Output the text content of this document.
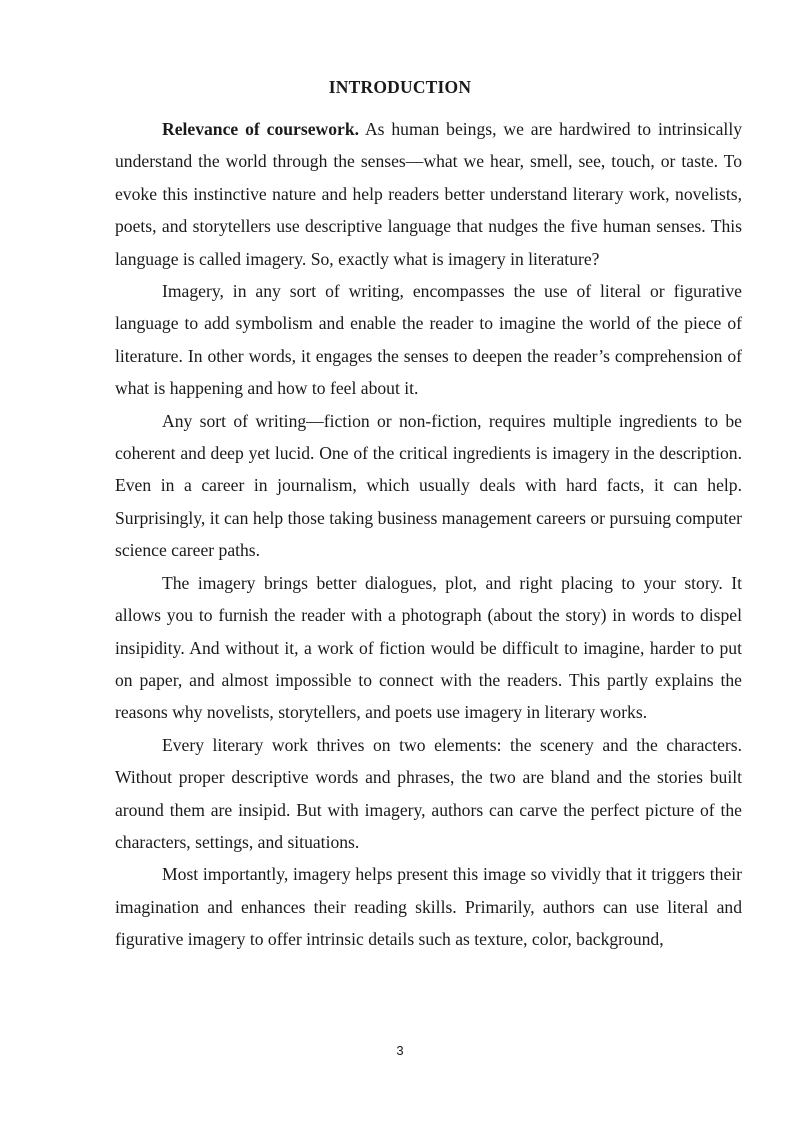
INTRODUCTION

Relevance of coursework. As human beings, we are hardwired to intrinsically understand the world through the senses—what we hear, smell, see, touch, or taste. To evoke this instinctive nature and help readers better understand literary work, novelists, poets, and storytellers use descriptive language that nudges the five human senses. This language is called imagery. So, exactly what is imagery in literature?

Imagery, in any sort of writing, encompasses the use of literal or figurative language to add symbolism and enable the reader to imagine the world of the piece of literature. In other words, it engages the senses to deepen the reader’s comprehension of what is happening and how to feel about it.

Any sort of writing—fiction or non-fiction, requires multiple ingredients to be coherent and deep yet lucid. One of the critical ingredients is imagery in the description. Even in a career in journalism, which usually deals with hard facts, it can help. Surprisingly, it can help those taking business management careers or pursuing computer science career paths.

The imagery brings better dialogues, plot, and right placing to your story. It allows you to furnish the reader with a photograph (about the story) in words to dispel insipidity. And without it, a work of fiction would be difficult to imagine, harder to put on paper, and almost impossible to connect with the readers. This partly explains the reasons why novelists, storytellers, and poets use imagery in literary works.

Every literary work thrives on two elements: the scenery and the characters. Without proper descriptive words and phrases, the two are bland and the stories built around them are insipid. But with imagery, authors can carve the perfect picture of the characters, settings, and situations.

Most importantly, imagery helps present this image so vividly that it triggers their imagination and enhances their reading skills. Primarily, authors can use literal and figurative imagery to offer intrinsic details such as texture, color, background,

3
